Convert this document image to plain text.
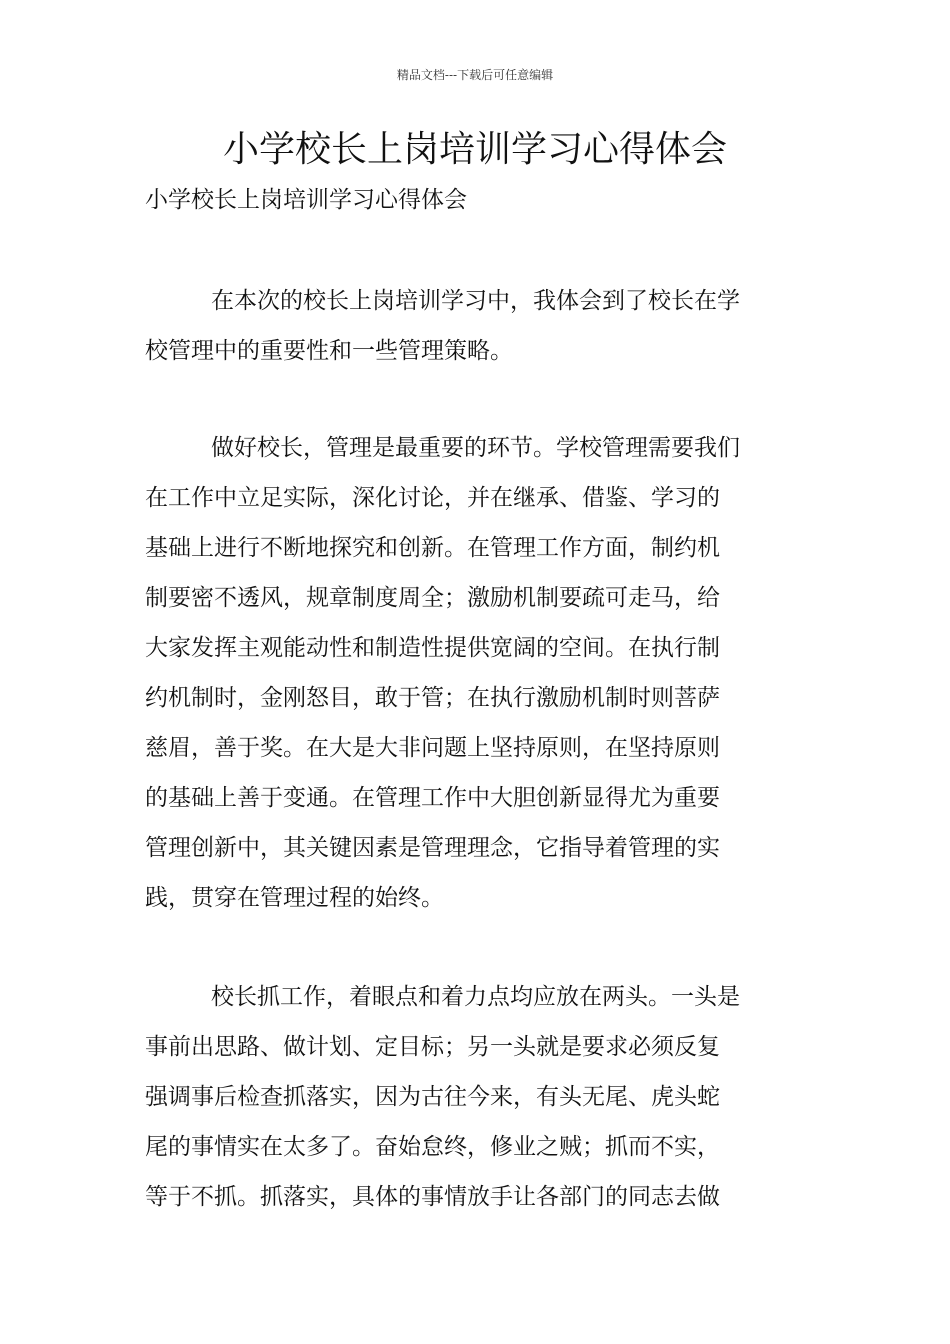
精品文档---下载后可任意编辑
小学校长上岗培训学习心得体会
小学校长上岗培训学习心得体会

在本次的校长上岗培训学习中，我体会到了校长在学
校管理中的重要性和一些管理策略。

做好校长，管理是最重要的环节。学校管理需要我们
在工作中立足实际，深化讨论，并在继承、借鉴、学习的
基础上进行不断地探究和创新。在管理工作方面，制约机
制要密不透风，规章制度周全；激励机制要疏可走马，给
大家发挥主观能动性和制造性提供宽阔的空间。在执行制
约机制时，金刚怒目，敢于管；在执行激励机制时则菩萨
慈眉，善于奖。在大是大非问题上坚持原则，在坚持原则
的基础上善于变通。在管理工作中大胆创新显得尤为重要
管理创新中，其关键因素是管理理念，它指导着管理的实
践，贯穿在管理过程的始终。

校长抓工作，着眼点和着力点均应放在两头。一头是
事前出思路、做计划、定目标；另一头就是要求必须反复
强调事后检查抓落实，因为古往今来，有头无尾、虎头蛇
尾的事情实在太多了。奋始怠终，修业之贼；抓而不实，
等于不抓。抓落实，具体的事情放手让各部门的同志去做
